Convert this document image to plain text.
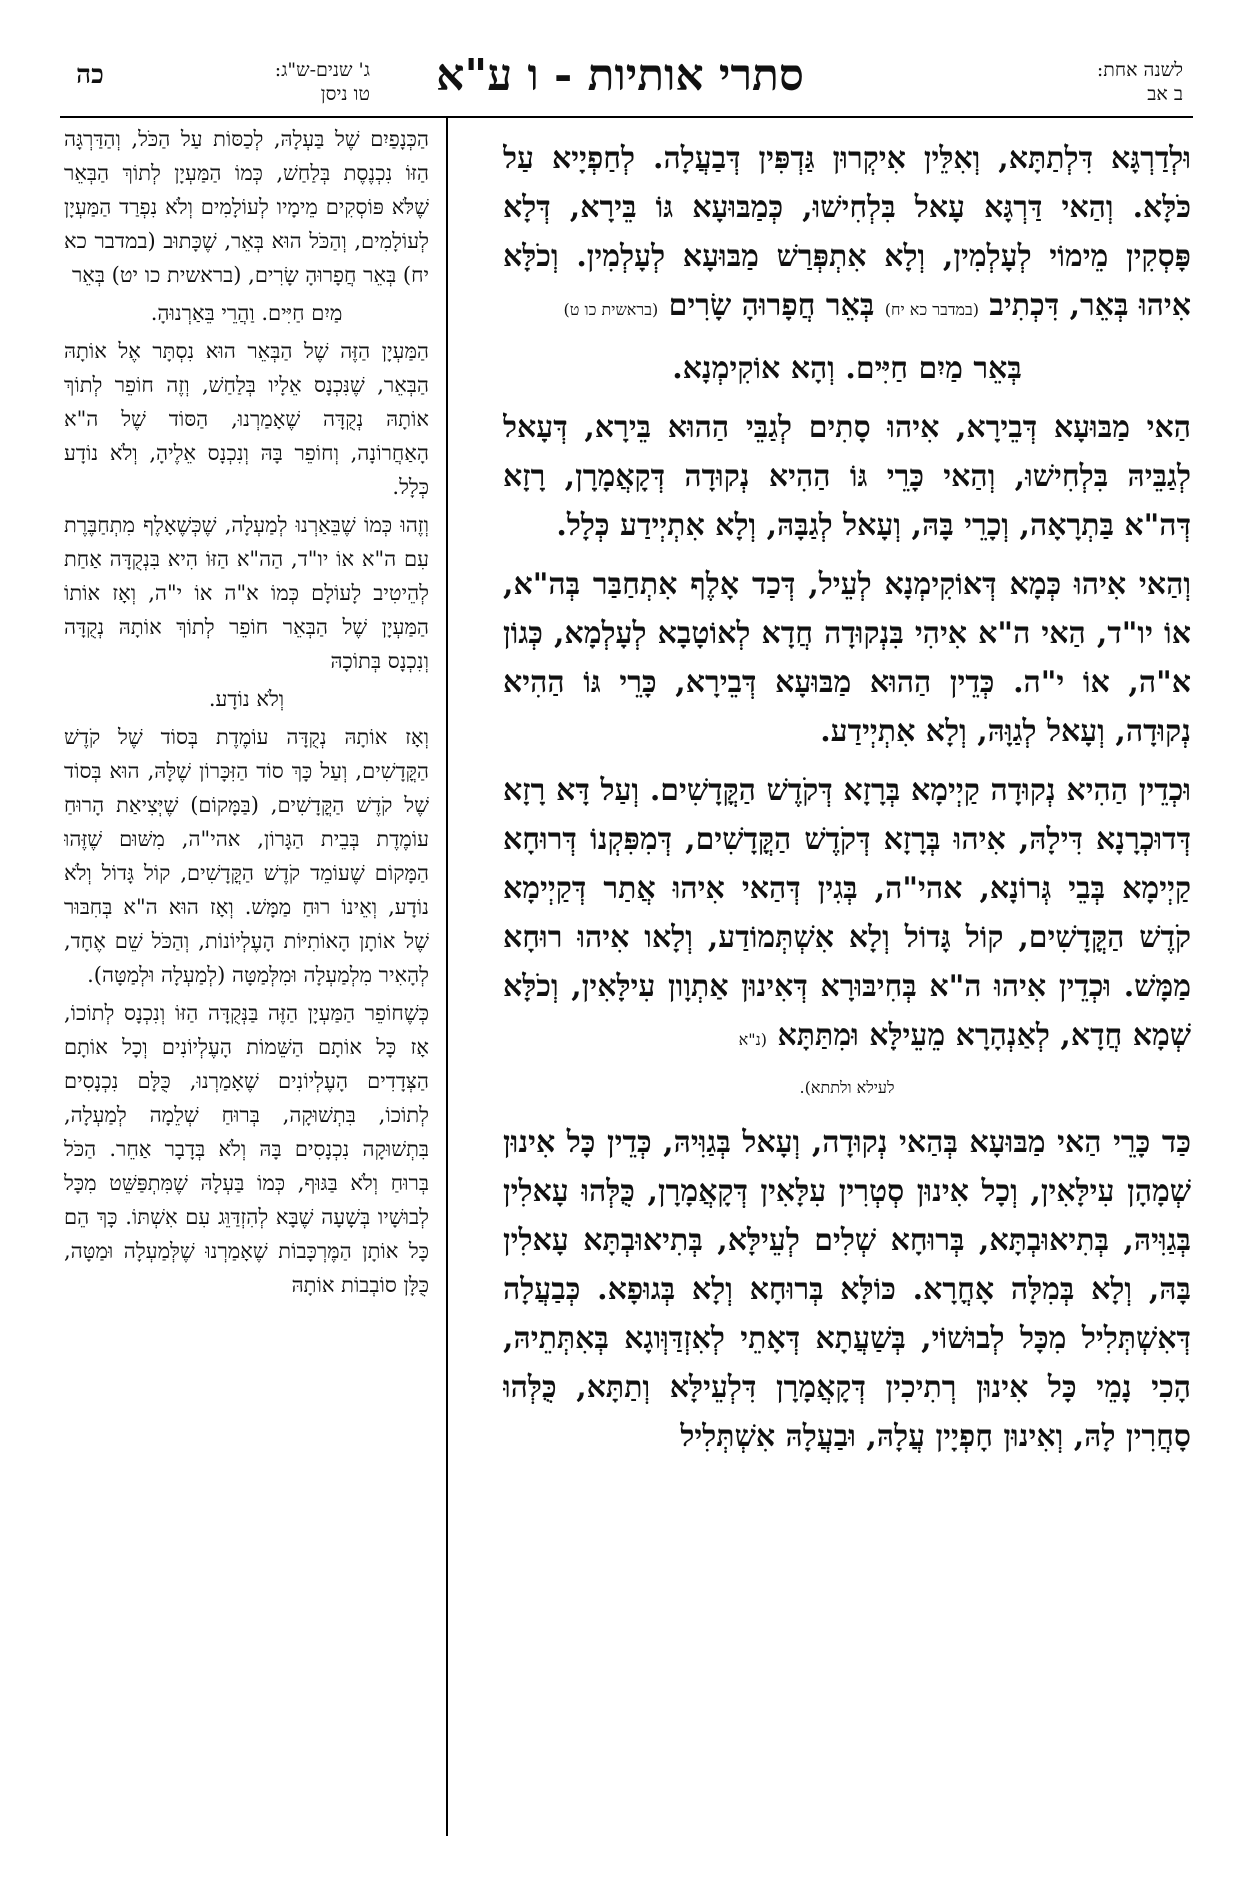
לשנה אחת:
ב אב
סתרי אותיות - ו ע"א
ג' שנים-ש"ג:
טו ניסן
כה

וּלְדַרְגָּא דִּלְתַתָּא, וְאִלֵּין אִיקְרוּן גַּדְפִּין דְּבַעֲלָה. לְחַפְיָיא עַל כֹּלָּא. וְהַאי דַּרְגָּא עָאל בִּלְחִישׁוּ, כְּמַבּוּעָא גּוֹ בֵּירָא, דְּלָא פָּסְקִין מֵימוֹי לְעָלְמִין, וְלָא אִתְפְּרַשׁ מַבּוּעָא לְעָלְמִין. וְכֹלָּא אִיהוּ בְּאֵר, דִּכְתִיב (במדבר כא יח) בְּאֵר חֲפָרוּהָ שָׂרִים (בראשית כו ט)

בְּאֵר מַיִם חַיִּים. וְהָא אוֹקִימְנָא.

הַאי מַבּוּעָא דְּבֵירָא, אִיהוּ סָתִים לְגַבֵּי הַהוּא בֵּירָא, דְּעָאל לְגַבֵּיהּ בִּלְחִישׁוּ, וְהַאי כָּרֵי גּוֹ הַהִיא נְקוּדָה דְּקָאֲמָרָן, רָזָא דְּה"א בַּתְרָאָה, וְכָרֵי בָּהּ, וְעָאל לְגַבָּהּ, וְלָא אִתְיְידַע כְּלָל.

וְהַאי אִיהוּ כְּמָא דְּאוֹקִימְנָא לְעֵיל, דְּכַד אָלֶף אִתְחַבַּר בְּה"א, אוֹ יו"ד, הַאי ה"א אִיהִי בִּנְקוּדָה חֲדָא לְאוֹטָבָא לְעָלְמָא, כְּגוֹן א"ה, אוֹ י"ה. כְּדֵין הַהוּא מַבּוּעָא דְּבֵירָא, כָּרֵי גּוֹ הַהִיא נְקוּדָה, וְעָאל לְגַוָּהּ, וְלָא אִתְיְידַע.

וּכְדֵין הַהִיא נְקוּדָה קַיְימָא בְּרָזָא דְּקֹדֶשׁ הַקֳּדָשִׁים. וְעַל דָּא רָזָא דְּדוּכְרָנָא דִּילָהּ, אִיהוּ בְּרָזָא דְּקֹדֶשׁ הַקֳּדָשִׁים, דְּמִפִּקְנוֹ דְּרוּחָא קַיְימָא בְּבֵי גְּרוֹנָא, אהי"ה, בְּגִין דְּהַאי אִיהוּ אֲתַר דְּקַיְימָא קֹדֶשׁ הַקֳּדָשִׁים, קוֹל גָּדוֹל וְלָא אִשְׁתְּמוֹדַע, וְלָאו אִיהוּ רוּחָא מַמָּשׁ. וּכְדֵין אִיהוּ ה"א בְּחִיבּוּרָא דְּאִינוּן אַתְוָון עִילָּאִין, וְכֹלָּא שְׁמָא חֲדָא, לְאַנְהָרָא מֵעֵילָּא וּמִתַּתָּא (נ"א

לעילא ולתתא).

כַּד כָּרֵי הַאי מַבּוּעָא בְּהַאי נְקוּדָה, וְעָאל בְּגַוִּיהּ, כְּדֵין כָּל אִינוּן שְׁמָהָן עִילָּאִין, וְכָל אִינוּן סְטְרִין עִלָּאִין דְּקָאֲמָרָן, כֻּלְּהוּ עָאלִין בְּגַוִּיהּ, בְּתִיאוּבְתָּא, בְּרוּחָא שְׁלִים לְעֵילָּא, בְּתִיאוּבְתָּא עָאלִין בָּהּ, וְלָא בְּמִלָּה אָחֳרָא. כּוֹלָּא בְּרוּחָא וְלָא בְּגוּפָא. כְּבַעֲלָה דְּאִשְׁתְּלִיל מִכָּל לְבוּשׁוֹי, בְּשַׁעֲתָא דְּאָתֵי לְאִזְדַּוְּוגָא בְּאִתְּתֵיהּ, הָכִי נָמֵי כָּל אִינוּן רְתִיכִין דְּקָאֲמָרָן דִּלְעֵילָּא וְתַתָּא, כֻּלְּהוּ סָחֲרִין לָהּ, וְאִינוּן חָפְיָין עֲלָהּ, וּבַעֲלָהּ אִשְׁתְּלִיל

הַכְּנָפַיִם שֶׁל בַּעְלָהּ, לְכַסּוֹת עַל הַכֹּל, וְהַדַּרְגָּה הַזּוֹ נִכְנֶסֶת בְּלַחַשׁ, כְּמוֹ הַמַּעְיָן לְתוֹךְ הַבְּאֵר שֶׁלֹּא פּוֹסְקִים מֵימָיו לְעוֹלָמִים וְלֹא נִפְרַד הַמַּעְיָן לְעוֹלָמִים, וְהַכֹּל הוּא בְּאֵר, שֶׁכָּתוּב (במדבר כא יח) בְּאֵר חֲפָרוּהָ שָׂרִים, (בראשית כו יט) בְּאֵר

מַיִם חַיִּים. וַהֲרֵי בֵּאַרְנוּהָ.

הַמַּעְיָן הַזֶּה שֶׁל הַבְּאֵר הוּא נִסְתָּר אֶל אוֹתָהּ הַבְּאֵר, שֶׁנִּכְנָס אֵלָיו בְּלַחַשׁ, וְזֶה חוֹפֵר לְתוֹךְ אוֹתָהּ נְקֻדָּה שֶׁאָמַרְנוּ, הַסּוֹד שֶׁל ה"א הָאַחֲרוֹנָה, וְחוֹפֵר בָּהּ וְנִכְנָס אֵלֶיהָ, וְלֹא נוֹדָע כְּלָל.

וְזֶהוּ כְּמוֹ שֶׁבֵּאַרְנוּ לְמַעְלָה, שֶׁכְּשֶׁאָלֶף מִתְחַבֶּרֶת עִם ה"א אוֹ יו"ד, הַה"א הַזּוֹ הִיא בִּנְקֻדָּה אַחַת לְהֵיטִיב לָעוֹלָם כְּמוֹ א"ה אוֹ י"ה, וְאָז אוֹתוֹ הַמַּעְיָן שֶׁל הַבְּאֵר חוֹפֵר לְתוֹךְ אוֹתָהּ נְקֻדָּה וְנִכְנָס בְּתוֹכָהּ

וְלֹא נוֹדָע.

וְאָז אוֹתָהּ נְקֻדָּה עוֹמֶדֶת בְּסוֹד שֶׁל קֹדֶשׁ הַקֳּדָשִׁים, וְעַל כָּךְ סוֹד הַזִּכָּרוֹן שֶׁלָּהּ, הוּא בְּסוֹד שֶׁל קֹדֶשׁ הַקֳּדָשִׁים, (בַּמָּקוֹם) שֶׁיְּצִיאַת הָרוּחַ עוֹמֶדֶת בְּבֵית הַגָּרוֹן, אהי"ה, מִשּׁוּם שֶׁזֶּהוּ הַמָּקוֹם שֶׁעוֹמֵד קֹדֶשׁ הַקֳּדָשִׁים, קוֹל גָּדוֹל וְלֹא נוֹדָע, וְאֵינוֹ רוּחַ מַמָּשׁ. וְאָז הוּא ה"א בְּחִבּוּר שֶׁל אוֹתָן הָאוֹתִיּוֹת הָעֶלְיוֹנוֹת, וְהַכֹּל שֵׁם אֶחָד, לְהָאִיר מִלְמַעְלָה וּמִלְּמַטָּה (לְמַעְלָה וּלְמַטָּה).

כְּשֶׁחוֹפֵר הַמַּעְיָן הַזֶּה בַּנְּקֻדָּה הַזּוֹ וְנִכְנָס לְתוֹכוֹ, אָז כָּל אוֹתָם הַשֵּׁמוֹת הָעֶלְיוֹנִים וְכָל אוֹתָם הַצְּדָדִים הָעֶלְיוֹנִים שֶׁאָמַרְנוּ, כֻּלָּם נִכְנָסִים לְתוֹכוֹ, בִּתְשׁוּקָה, בְּרוּחַ שְׁלֵמָה לְמַעְלָה, בִּתְשׁוּקָה נִכְנָסִים בָּהּ וְלֹא בְּדָבָר אַחֵר. הַכֹּל בְּרוּחַ וְלֹא בַּגּוּף, כְּמוֹ בַּעְלָהּ שֶׁמִּתְפַּשֵּׁט מִכָּל לְבוּשָׁיו בְּשָׁעָה שֶׁבָּא לְהִזְדַּוֵּג עִם אִשְׁתּוֹ. כָּךְ הֵם כָּל אוֹתָן הַמֶּרְכָּבוֹת שֶׁאָמַרְנוּ שֶׁלְּמַעְלָה וּמַטָּה, כֻּלָּן סוֹבְבוֹת אוֹתָהּ
